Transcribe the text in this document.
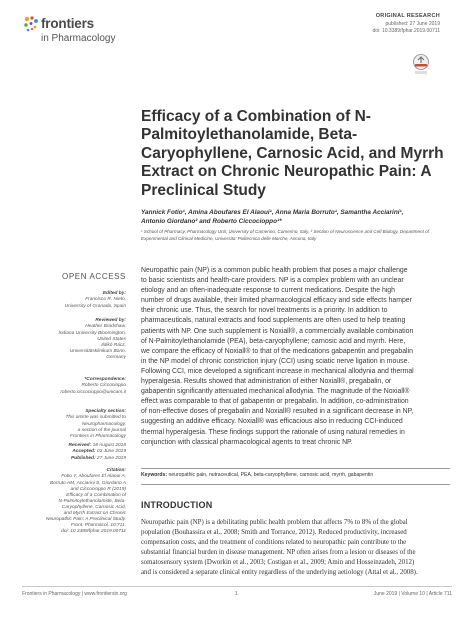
frontiers
in Pharmacology
ORIGINAL RESEARCH
published: 27 June 2019
doi: 10.3389/fphar.2019.00711
Efficacy of a Combination of N-Palmitoylethanolamide, Beta-Caryophyllene, Carnosic Acid, and Myrrh Extract on Chronic Neuropathic Pain: A Preclinical Study
Yannick Fotio¹, Amina Aboufares El Alaoui¹, Anna Maria Borruto¹, Samantha Acciarini¹,
Antonio Giordano² and Roberto Ciccocioppo¹*
¹ School of Pharmacy, Pharmacology Unit, University of Camerino, Camerino, Italy, ² Section of Neuroscience and Cell Biology, Department of Experimental and Clinical Medicine, Universita' Politecnica delle Marche, Ancona, Italy
OPEN ACCESS
Edited by:
Francisco R. Nieto,
University of Granada, Spain
Reviewed by:
Heather Bradshaw,
Indiana University Bloomington,
United States
Ildikó Rácz,
Universitätsklinikum Bonn,
Germany
*Correspondence:
Roberto Ciccocioppo
roberto.ciccocioppo@unicam.it
Specialty section:
This article was submitted to
Neuropharmacology,
a section of the journal
Frontiers in Pharmacology
Received: 18 August 2018
Accepted: 03 June 2019
Published: 27 June 2019
Citation:
Fotio Y, Aboufares El Alaoui A,
Borruto AM, Acciarini S, Giordano A
and Ciccocioppo R (2019)
Efficacy of a Combination of
N-Palmitoylethanolamide, Beta-
Caryophyllene, Carnosic Acid,
and Myrrh Extract on Chronic
Neuropathic Pain: A Preclinical Study.
Front. Pharmacol. 10:711.
doi: 10.3389/fphar.2019.00711
Neuropathic pain (NP) is a common public health problem that poses a major challenge
to basic scientists and health-care providers. NP is a complex problem with an unclear
etiology and an often-inadequate response to current medications. Despite the high
number of drugs available, their limited pharmacological efficacy and side effects hamper
their chronic use. Thus, the search for novel treatments is a priority. In addition to
pharmaceuticals, natural extracts and food supplements are often used to help treating
patients with NP. One such supplement is Noxiall®, a commercially available combination
of N-Palmitoylethanolamide (PEA), beta-caryophyllene; carnosic acid and myrrh. Here,
we compare the efficacy of Noxiall® to that of the medications gabapentin and pregabalin
in the NP model of chronic constriction injury (CCI) using sciatic nerve ligation in mouse.
Following CCI, mice developed a significant increase in mechanical allodynia and thermal
hyperalgesia. Results showed that administration of either Noxiall®, pregabalin, or
gabapentin significantly attenuated mechanical allodynia. The magnitude of the Noxiall®
effect was comparable to that of gabapentin or pregabalin. In addition, co-administration
of non-effective doses of pregabalin and Noxiall® resulted in a significant decrease in NP,
suggesting an additive efficacy. Noxiall® was efficacious also in reducing CCI-induced
thermal hyperalgesia. These findings support the rationale of using natural remedies in
conjunction with classical pharmacological agents to treat chronic NP.
Keywords: neuropathic pain, nutraceutical, PEA, beta-caryophyllene, carnosic acid, myrrh, gabapentin
INTRODUCTION
Neuropathic pain (NP) is a debilitating public health problem that affects 7% to 8% of the global
population (Bouhassira et al., 2008; Smith and Torrance, 2012). Reduced productivity, increased
compensation costs, and the treatment of conditions related to neuropathic pain contribute to the
substantial financial burden in disease management. NP often arises from a lesion or diseases of the
somatosensory system (Dworkin et al., 2003; Costigan et al., 2009; Amin and Hosseinzadeh, 2012)
and is considered a separate clinical entity regardless of the underlying aetiology (Attal et al., 2008).
Frontiers in Pharmacology | www.frontiersin.org	1	June 2019 | Volume 10 | Article 711
